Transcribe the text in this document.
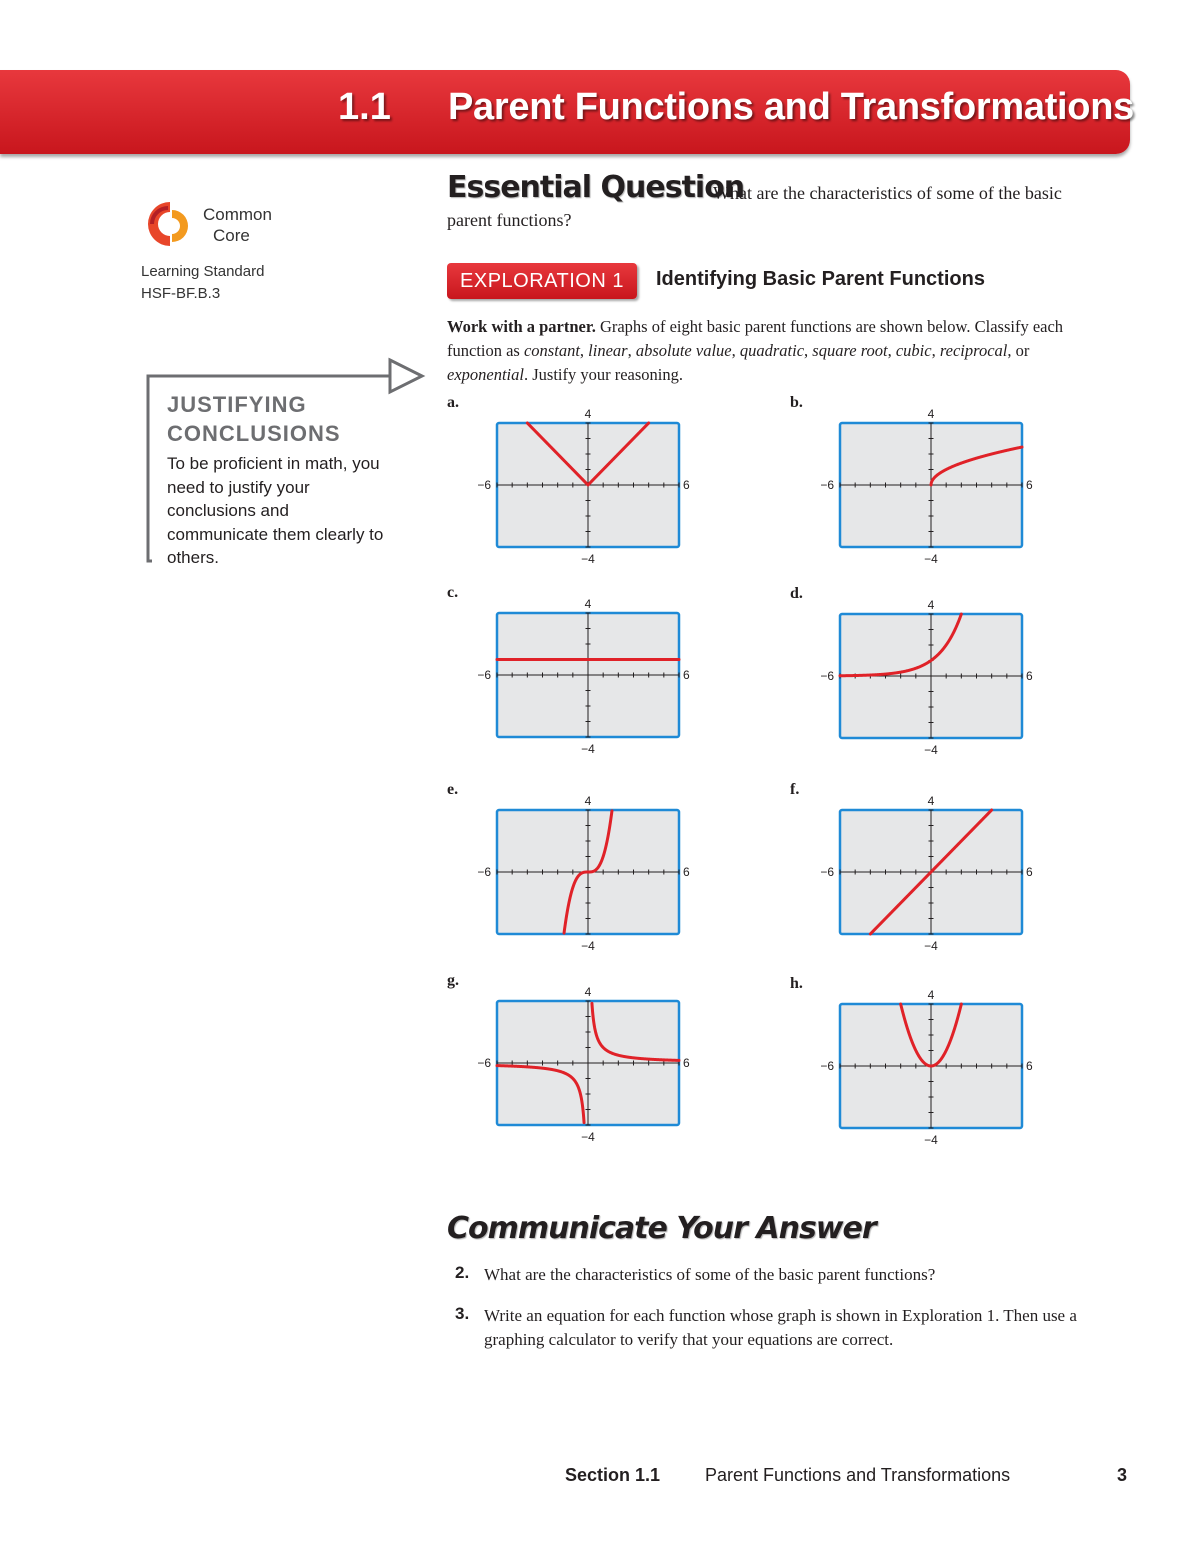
1.1 Parent Functions and Transformations
Common
Core
Learning Standard
HSF-BF.B.3
JUSTIFYING
CONCLUSIONS
To be proficient in math, you need to justify your conclusions and communicate them clearly to others.
What are the characteristics of some of the basic parent functions?
Essential Question
EXPLORATION 1	Identifying Basic Parent Functions
Work with a partner. Graphs of eight basic parent functions are shown below. Classify each function as constant, linear, absolute value, quadratic, square root, cubic, reciprocal, or exponential. Justify your reasoning.
4
−4
−6	6
a.
4
−4
−6	6
b.
4
−4
−6	6
c.
4
−4
−6	6
d.
4
−4
−6	6
e.
4
−4
−6	6
f.
4
−4
−6	6
g.
4
−4
−6	6
h.
Communicate Your Answer
2. What are the characteristics of some of the basic parent functions?
3. Write an equation for each function whose graph is shown in Exploration 1. Then use a graphing calculator to verify that your equations are correct.
Section 1.1 Parent Functions and Transformations	3
